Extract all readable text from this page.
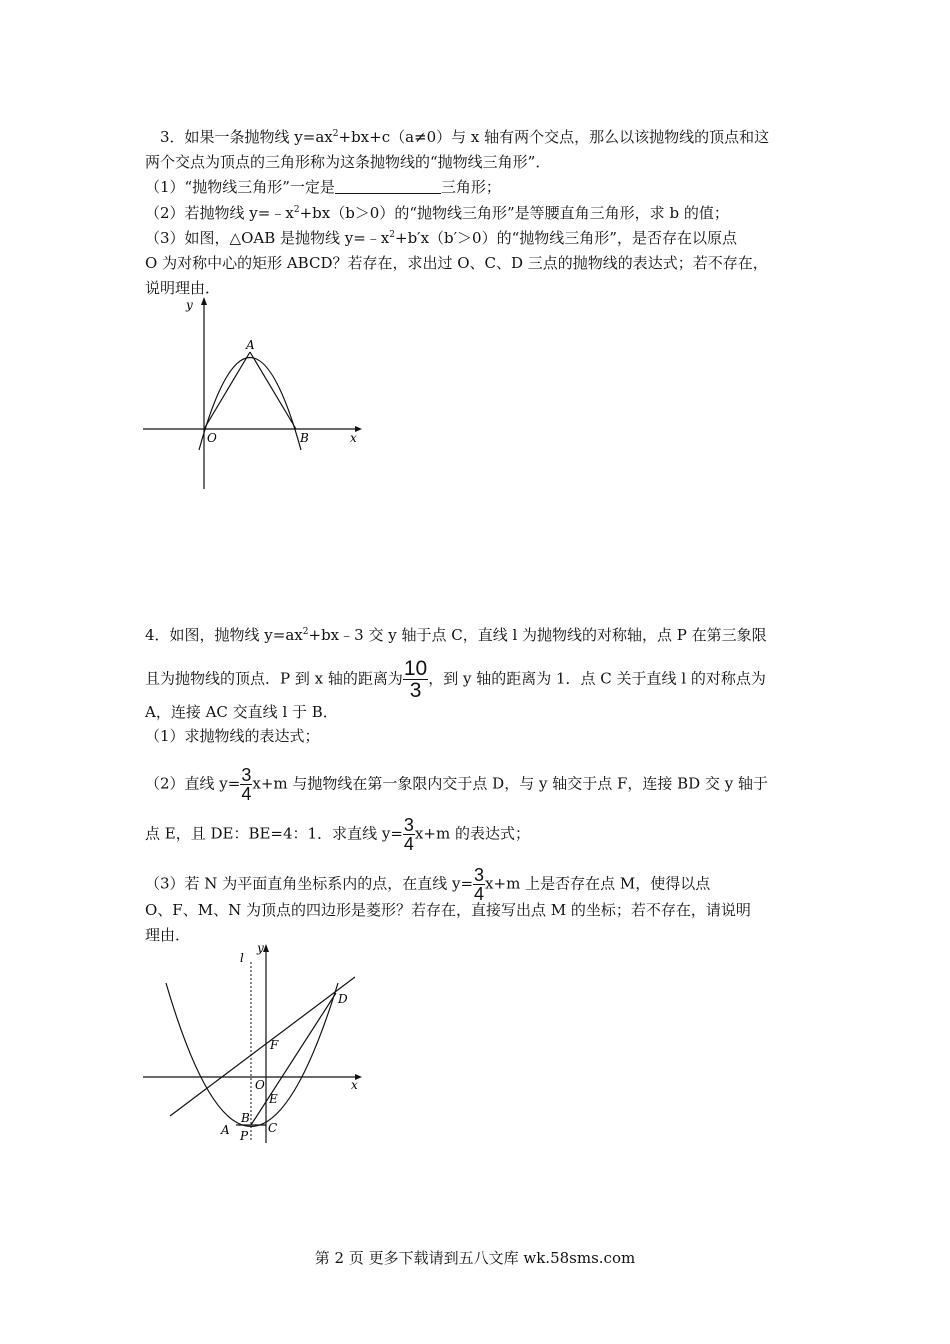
3．如果一条抛物线 $y=ax^2+bx+c(a\ne 0)$与 x 轴有两个交点，那么以该抛物线的顶点和这
两个交点为顶点的三角形称为这条抛物线的“抛物线三角形”．
（1）“抛物线三角形”一定是	三角形；
（2）若抛物线 $y=﹣x^2+bx(b>0)$的“抛物线三角形”是等腰直角三角形，求 b 的值；
（3）如图，△OAB 是抛物线 $y=﹣x^2+b'x(b'>0)$的“抛物线三角形”，是否存在以原点
O 为对称中心的矩形 ABCD？若存在，求出过 O、C、D 三点的抛物线的表达式；若不存在，
说明理由．
y
x
O
A
B
4．如图，抛物线 $y=ax^2+bx﹣3$ 交 y 轴于点 C，直线 l 为抛物线的对称轴，点 P 在第三象限
且为抛物线的顶点．P 到 x 轴的距离为 $\frac{10}{3}$ ，到 y 轴的距离为 1．点 C 关于直线 l 的对称点为
A，连接 AC 交直线 l 于 B．
（1）求抛物线的表达式；
（2）直线 $y= \frac{3}{4} x+m$ 与抛物线在第一象限内交于点 D，与 y 轴交于点 F，连接 BD 交 y 轴于
点 E，且 DE：BE=4：1．求直线 $y= \frac{3}{4} x+m$ 的表达式；
（3）若 N 为平面直角坐标系内的点，在直线 $y= \frac{3}{4} x+m$ 上是否存在点 M，使得以点
O、F、M、N 为顶点的四边形是菱形？若存在，直接写出点 M 的坐标；若不存在，请说明
理由．
l
y
x
O
D
F
E
B
A	C
P
第 2 页 更多下载请到五八文库 wk.58sms.com
